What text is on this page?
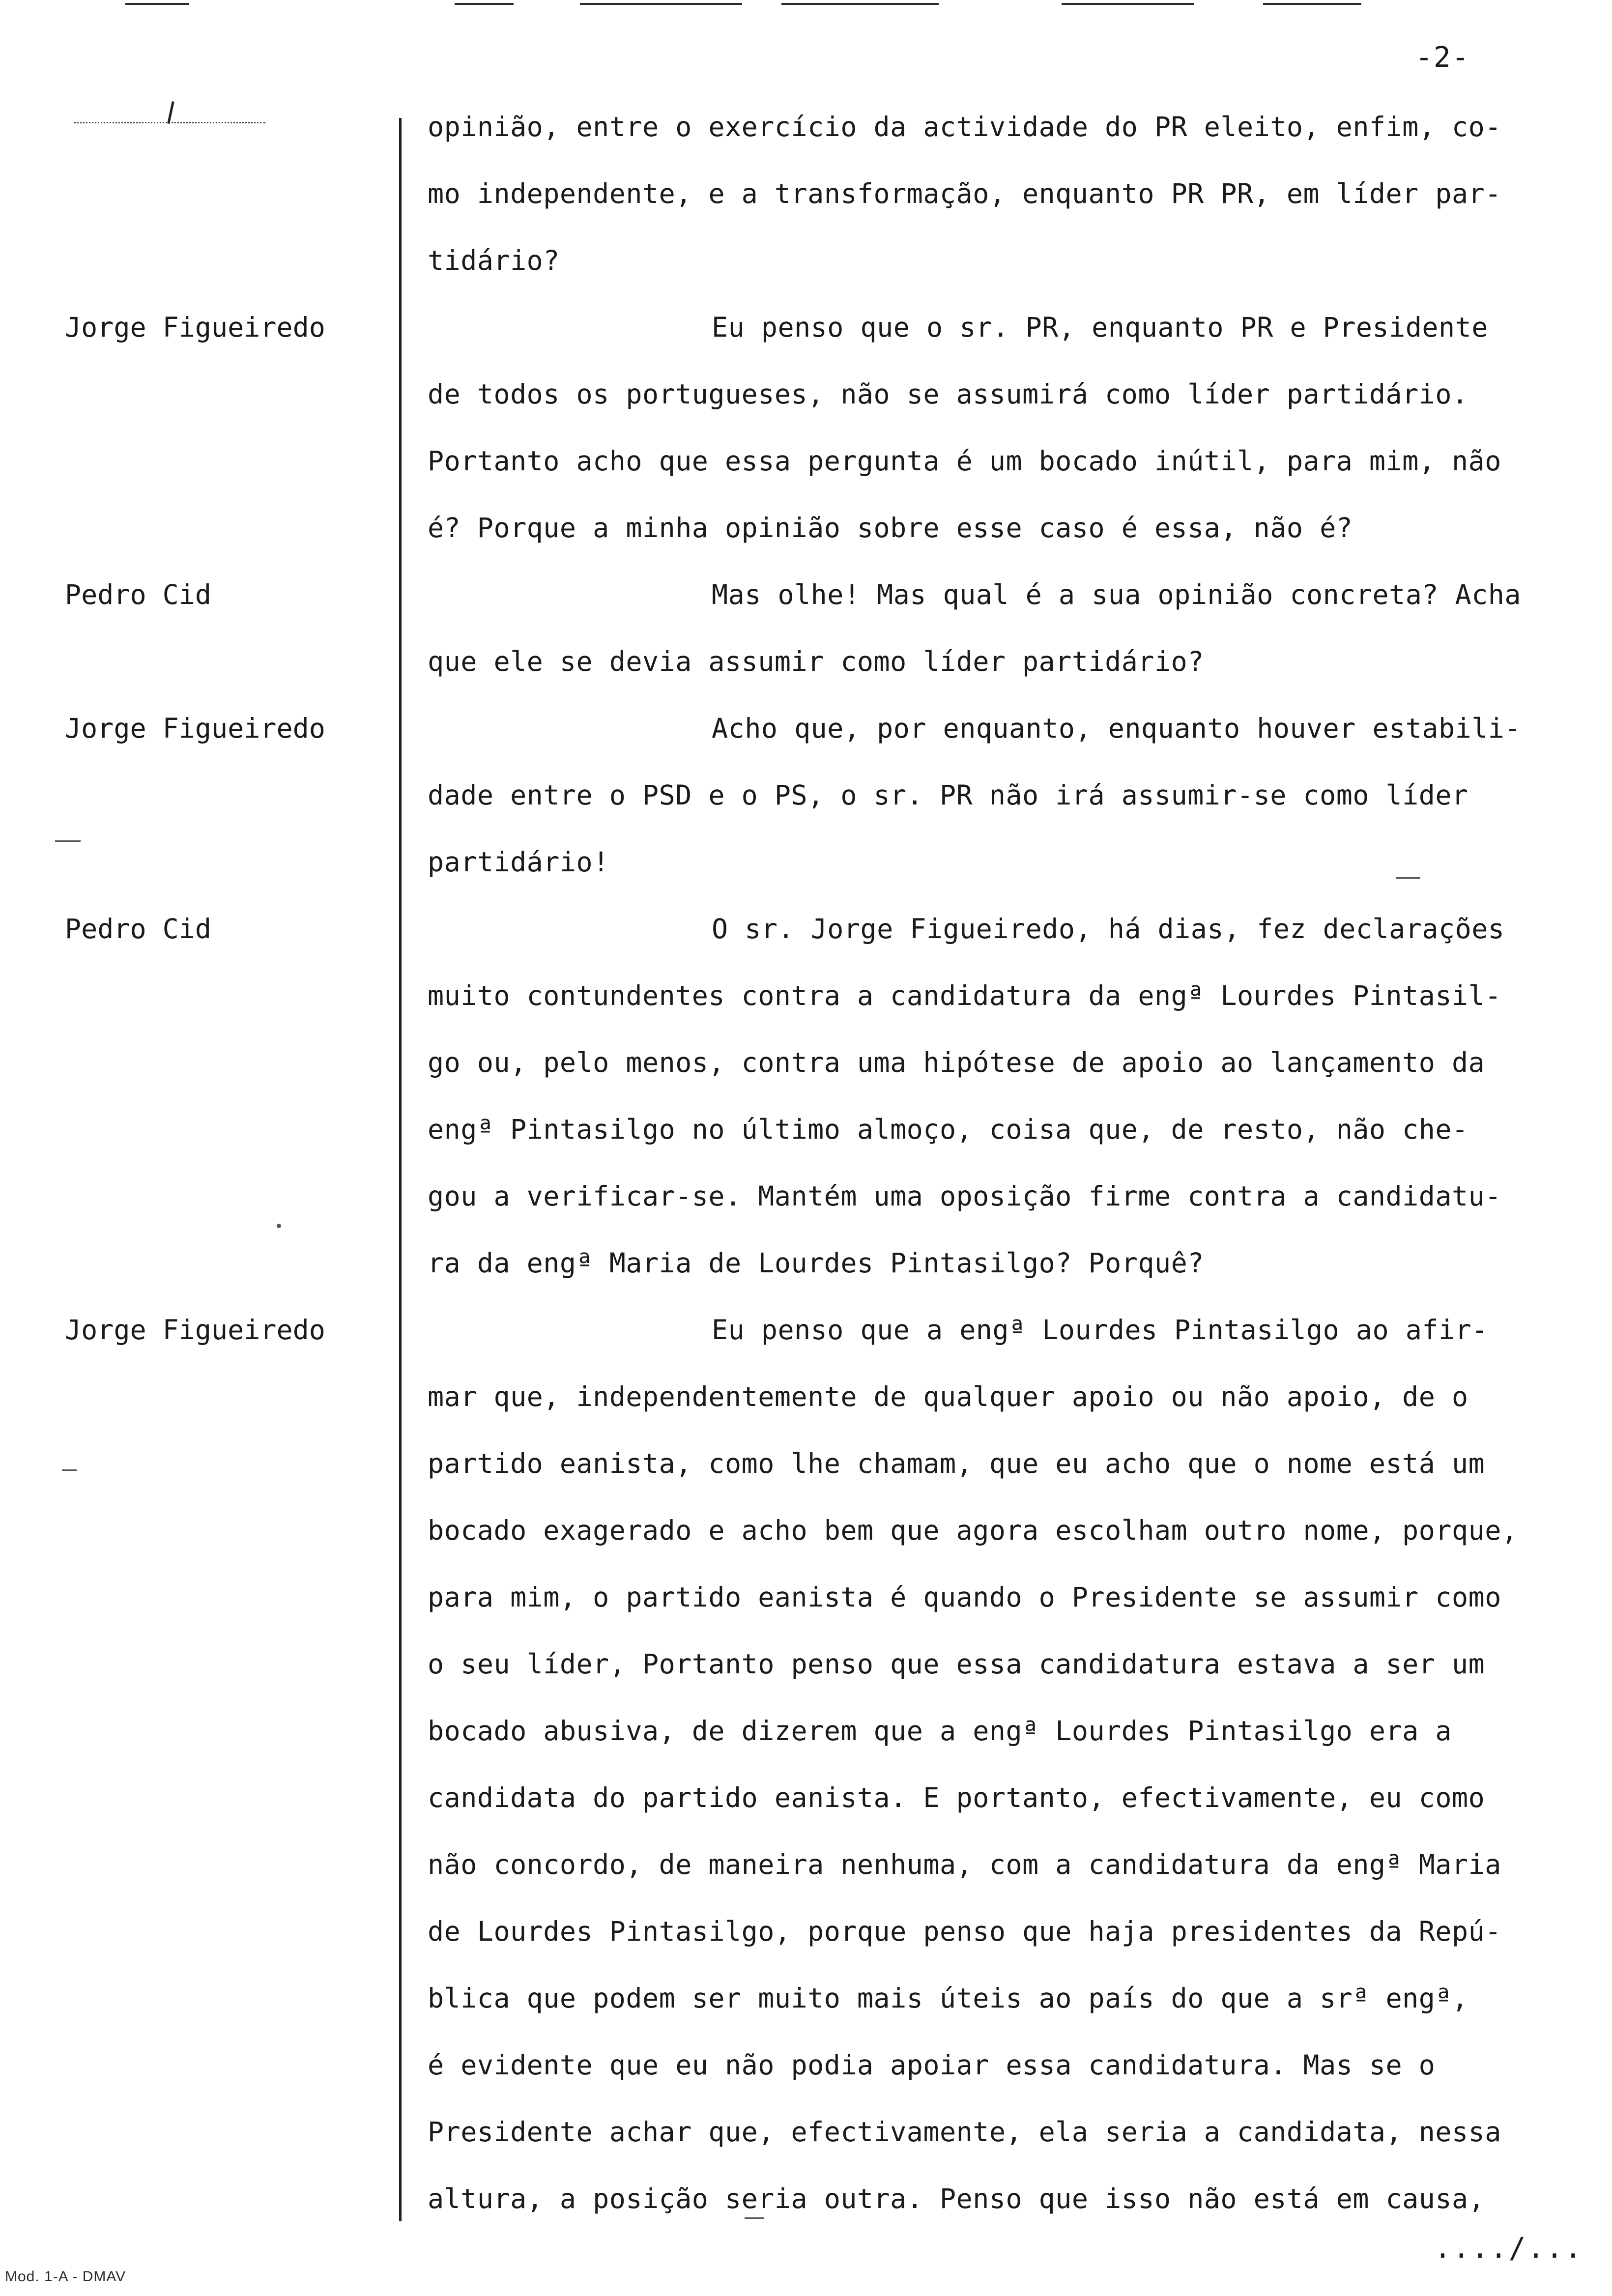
-2-
Jorge Figueiredo
Pedro Cid
Jorge Figueiredo
Pedro Cid
Jorge Figueiredo
opinião, entre o exercício da actividade do PR eleito, enfim, co-
mo independente, e a transformação, enquanto PR PR, em líder par-
tidário?
Eu penso que o sr. PR, enquanto PR e Presidente
de todos os portugueses, não se assumirá como líder partidário.
Portanto acho que essa pergunta é um bocado inútil, para mim, não
é? Porque a minha opinião sobre esse caso é essa, não é?
Mas olhe! Mas qual é a sua opinião concreta? Acha
que ele se devia assumir como líder partidário?
Acho que, por enquanto, enquanto houver estabili-
dade entre o PSD e o PS, o sr. PR não irá assumir-se como líder
partidário!
O sr. Jorge Figueiredo, há dias, fez declarações
muito contundentes contra a candidatura da engª Lourdes Pintasil-
go ou, pelo menos, contra uma hipótese de apoio ao lançamento da
engª Pintasilgo no último almoço, coisa que, de resto, não che-
gou a verificar-se. Mantém uma oposição firme contra a candidatu-
ra da engª Maria de Lourdes Pintasilgo? Porquê?
Eu penso que a engª Lourdes Pintasilgo ao afir-
mar que, independentemente de qualquer apoio ou não apoio, de o
partido eanista, como lhe chamam, que eu acho que o nome está um
bocado exagerado e acho bem que agora escolham outro nome, porque,
para mim, o partido eanista é quando o Presidente se assumir como
o seu líder, Portanto penso que essa candidatura estava a ser um
bocado abusiva, de dizerem que a engª Lourdes Pintasilgo era a
candidata do partido eanista. E portanto, efectivamente, eu como
não concordo, de maneira nenhuma, com a candidatura da engª Maria
de Lourdes Pintasilgo, porque penso que haja presidentes da Repú-
blica que podem ser muito mais úteis ao país do que a srª engª,
é evidente que eu não podia apoiar essa candidatura. Mas se o
Presidente achar que, efectivamente, ela seria a candidata, nessa
altura, a posição seria outra. Penso que isso não está em causa,
..../...
Mod. 1-A - DMAV
